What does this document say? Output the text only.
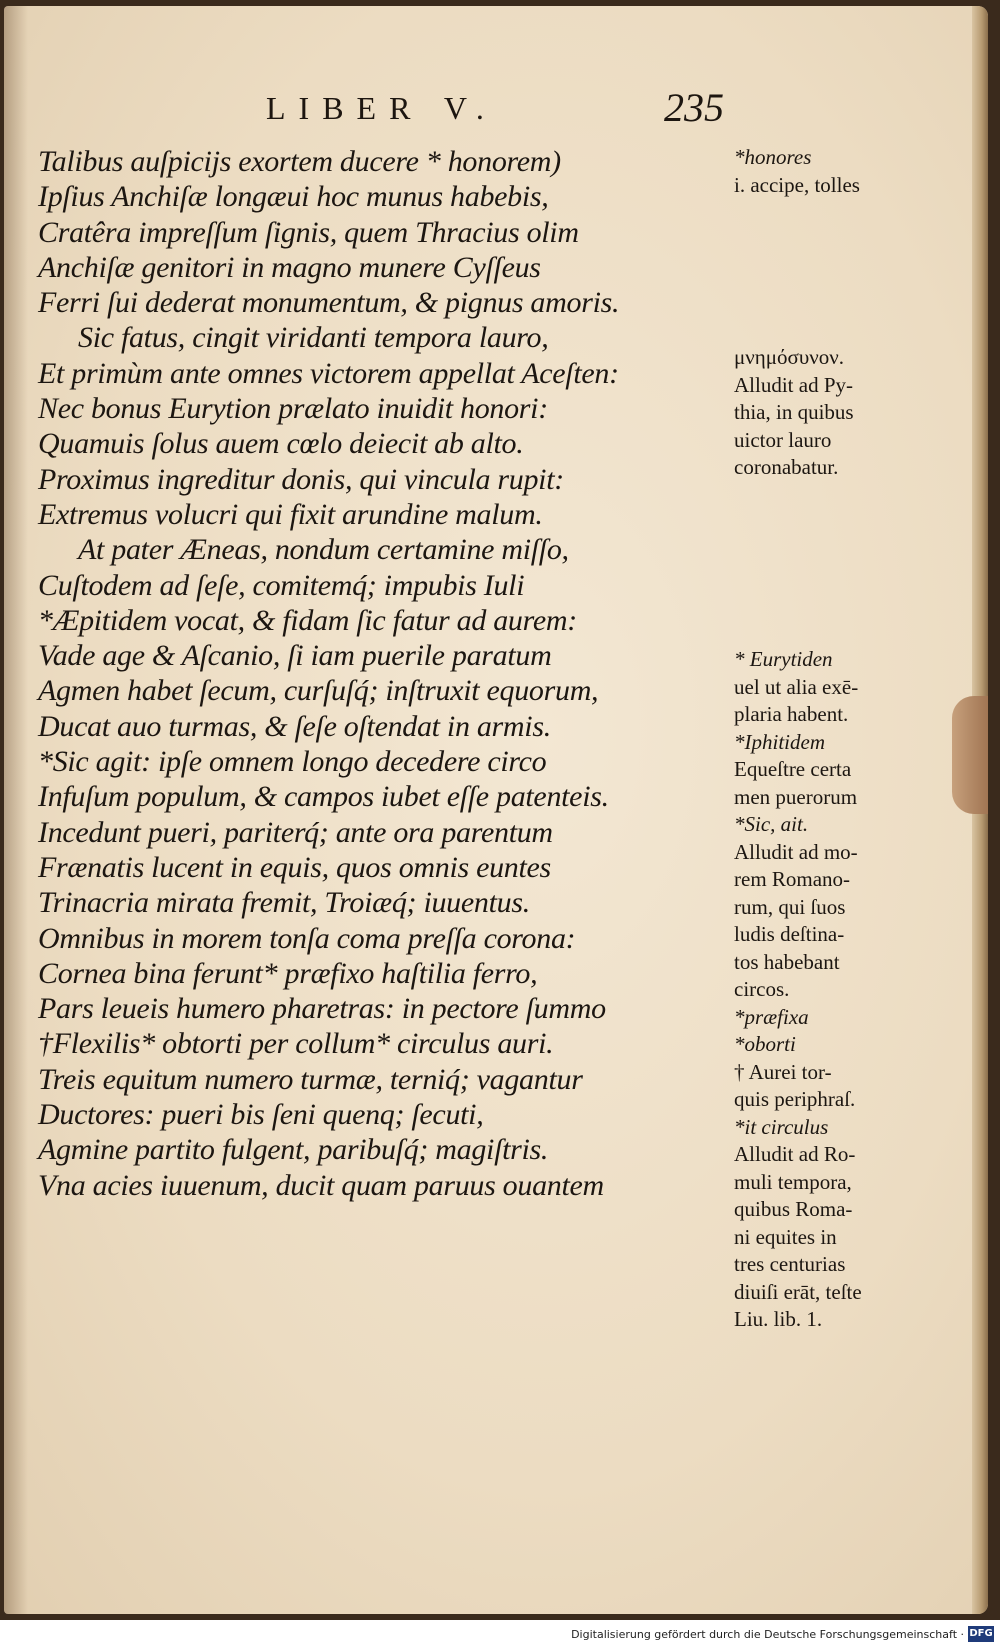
LIBER V.	235
Talibus auſpicijs exortem ducere * honorem)
Ipſius Anchiſæ longæui hoc munus habebis,
Cratêra impreſſum ſignis, quem Thracius olim
Anchiſæ genitori in magno munere Cyſſeus
Ferri ſui dederat monumentum, & pignus amoris.
Sic fatus, cingit viridanti tempora lauro,
Et primùm ante omnes victorem appellat Aceſten:
Nec bonus Eurytion prælato inuidit honori:
Quamuis ſolus auem cœlo deiecit ab alto.
Proximus ingreditur donis, qui vincula rupit:
Extremus volucri qui fixit arundine malum.
At pater Æneas, nondum certamine miſſo,
Cuſtodem ad ſeſe, comitemq́; impubis Iuli
*Æpitidem vocat, & fidam ſic fatur ad aurem:
Vade age & Aſcanio, ſi iam puerile paratum
Agmen habet ſecum, curſuſq́; inſtruxit equorum,
Ducat auo turmas, & ſeſe oſtendat in armis.
*Sic agit: ipſe omnem longo decedere circo
Infuſum populum, & campos iubet eſſe patenteis.
Incedunt pueri, pariterq́; ante ora parentum
Frænatis lucent in equis, quos omnis euntes
Trinacria mirata fremit, Troiæq́; iuuentus.
Omnibus in morem tonſa coma preſſa corona:
Cornea bina ferunt* præfixo haſtilia ferro,
Pars leueis humero pharetras: in pectore ſummo
†Flexilis* obtorti per collum* circulus auri.
Treis equitum numero turmæ, terniq́; vagantur
Ductores: pueri bis ſeni quenq; ſecuti,
Agmine partito fulgent, paribuſq́; magiſtris.
Vna acies iuuenum, ducit quam paruus ouantem
*honores
i. accipe, tolles
μνημόσυνον.
Alludit ad Py-
thia, in quibus
uictor lauro
coronabatur.
* Eurytiden
uel ut alia exē-
plaria habent.
*Iphitidem
Equeſtre certa
men puerorum
*Sic, ait.
Alludit ad mo-
rem Romano-
rum, qui ſuos
ludis deſtina-
tos habebant
circos.
*præfixa
*oborti
† Aurei tor-
quis periphraſ.
*it circulus
Alludit ad Ro-
muli tempora,
quibus Roma-
ni equites in
tres centurias
diuiſi erāt, teſte
Liu. lib. 1.
Digitalisierung gefördert durch die Deutsche Forschungsgemeinschaft · DFG
